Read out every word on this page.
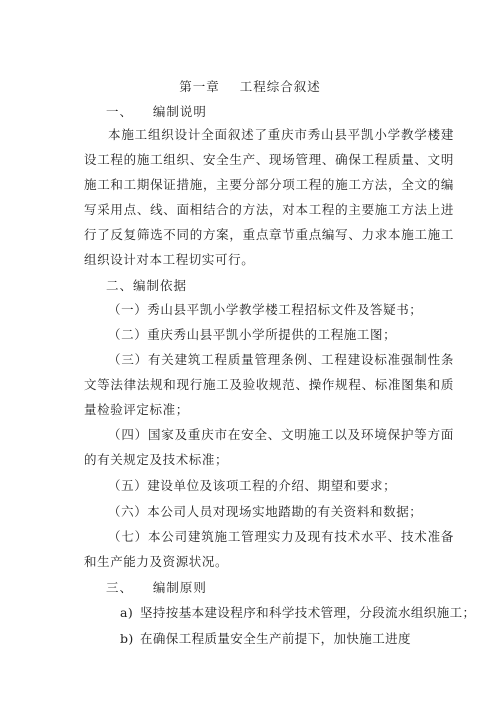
第一章    工程综合叙述
一、    编制说明

本施工组织设计全面叙述了重庆市秀山县平凯小学教学楼建设工程的施工组织、安全生产、现场管理、确保工程质量、文明施工和工期保证措施，主要分部分项工程的施工方法，全文的编写采用点、线、面相结合的方法，对本工程的主要施工方法上进行了反复筛选不同的方案，重点章节重点编写、力求本施工施工组织设计对本工程切实可行。

二、编制依据

（一）秀山县平凯小学教学楼工程招标文件及答疑书；

（二）重庆秀山县平凯小学所提供的工程施工图；

（三）有关建筑工程质量管理条例、工程建设标准强制性条文等法律法规和现行施工及验收规范、操作规程、标准图集和质量检验评定标准；

（四）国家及重庆市在安全、文明施工以及环境保护等方面的有关规定及技术标准；

（五）建设单位及该项工程的介绍、期望和要求；

（六）本公司人员对现场实地踏勘的有关资料和数据；

（七）本公司建筑施工管理实力及现有技术水平、技术准备和生产能力及资源状况。

三、    编制原则
a) 坚持按基本建设程序和科学技术管理，分段流水组织施工；
b) 在确保工程质量安全生产前提下，加快施工进度
